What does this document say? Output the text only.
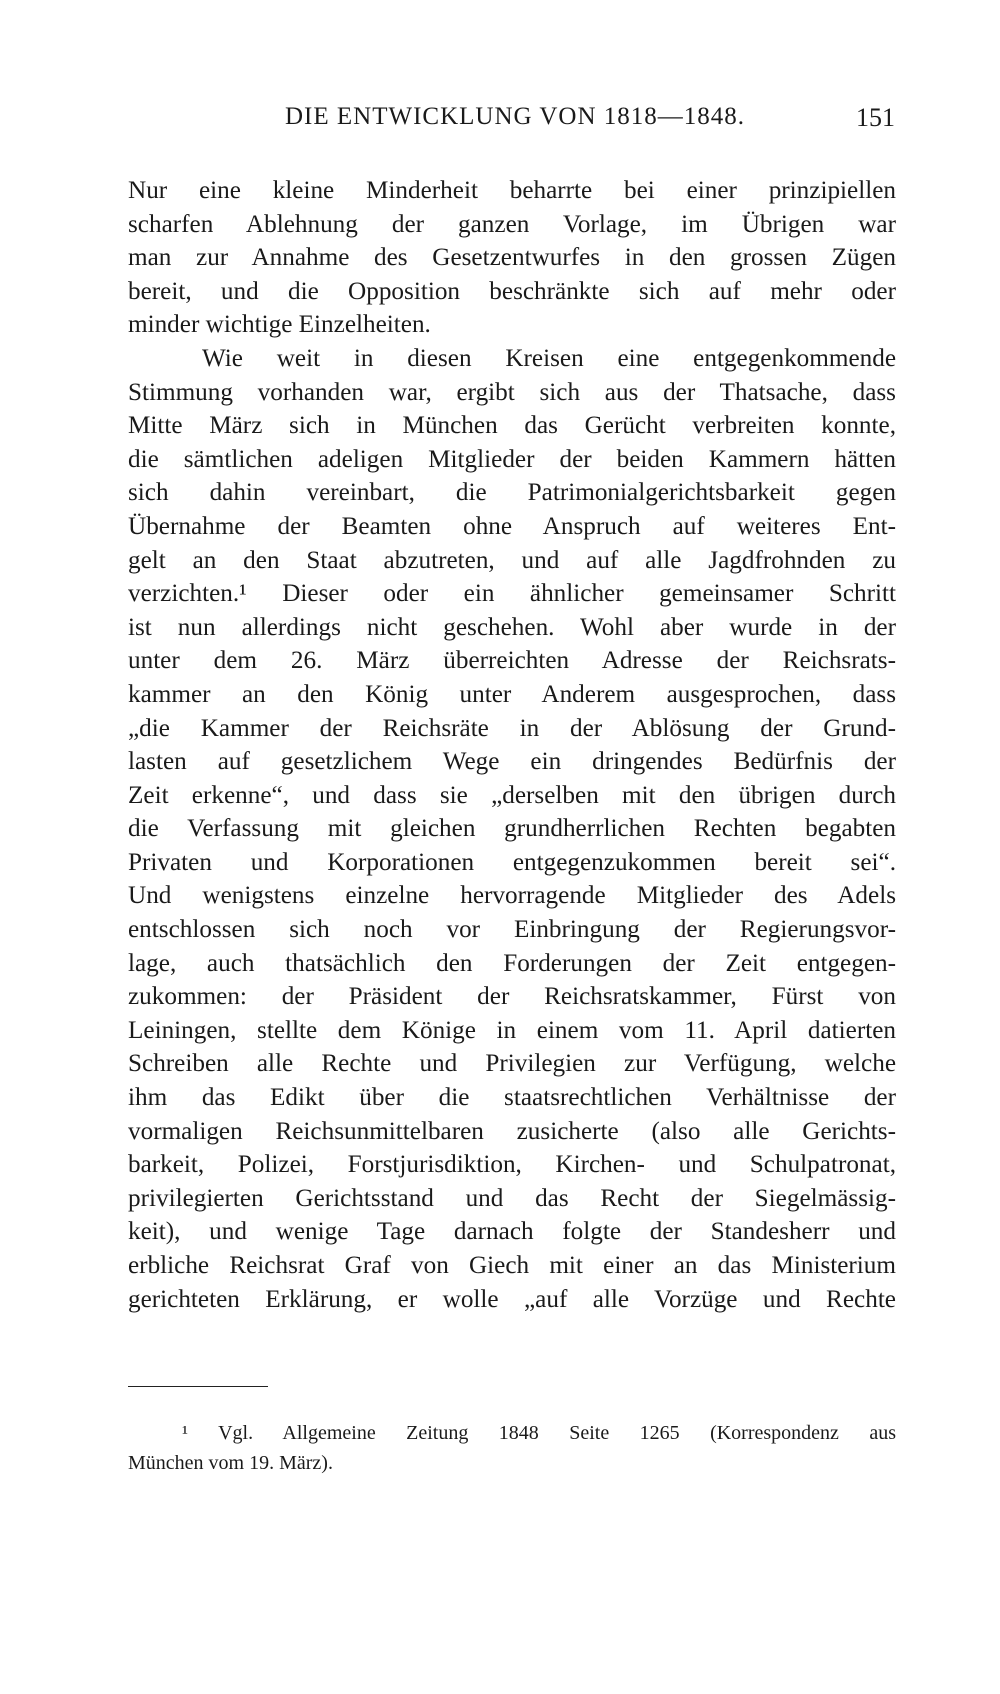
DIE ENTWICKLUNG VON 1818—1848.	151
Nur eine kleine Minderheit beharrte bei einer prinzipiellen
scharfen Ablehnung der ganzen Vorlage, im Übrigen war
man zur Annahme des Gesetzentwurfes in den grossen Zügen
bereit, und die Opposition beschränkte sich auf mehr oder
minder wichtige Einzelheiten.
Wie weit in diesen Kreisen eine entgegenkommende
Stimmung vorhanden war, ergibt sich aus der Thatsache, dass
Mitte März sich in München das Gerücht verbreiten konnte,
die sämtlichen adeligen Mitglieder der beiden Kammern hätten
sich dahin vereinbart, die Patrimonialgerichtsbarkeit gegen
Übernahme der Beamten ohne Anspruch auf weiteres Ent-
gelt an den Staat abzutreten, und auf alle Jagdfrohnden zu
verzichten.¹ Dieser oder ein ähnlicher gemeinsamer Schritt
ist nun allerdings nicht geschehen. Wohl aber wurde in der
unter dem 26. März überreichten Adresse der Reichsrats-
kammer an den König unter Anderem ausgesprochen, dass
„die Kammer der Reichsräte in der Ablösung der Grund-
lasten auf gesetzlichem Wege ein dringendes Bedürfnis der
Zeit erkenne“, und dass sie „derselben mit den übrigen durch
die Verfassung mit gleichen grundherrlichen Rechten begabten
Privaten und Korporationen entgegenzukommen bereit sei“.
Und wenigstens einzelne hervorragende Mitglieder des Adels
entschlossen sich noch vor Einbringung der Regierungsvor-
lage, auch thatsächlich den Forderungen der Zeit entgegen-
zukommen: der Präsident der Reichsratskammer, Fürst von
Leiningen, stellte dem Könige in einem vom 11. April datierten
Schreiben alle Rechte und Privilegien zur Verfügung, welche
ihm das Edikt über die staatsrechtlichen Verhältnisse der
vormaligen Reichsunmittelbaren zusicherte (also alle Gerichts-
barkeit, Polizei, Forstjurisdiktion, Kirchen- und Schulpatronat,
privilegierten Gerichtsstand und das Recht der Siegelmässig-
keit), und wenige Tage darnach folgte der Standesherr und
erbliche Reichsrat Graf von Giech mit einer an das Ministerium
gerichteten Erklärung, er wolle „auf alle Vorzüge und Rechte
¹ Vgl. Allgemeine Zeitung 1848 Seite 1265 (Korrespondenz aus
München vom 19. März).
